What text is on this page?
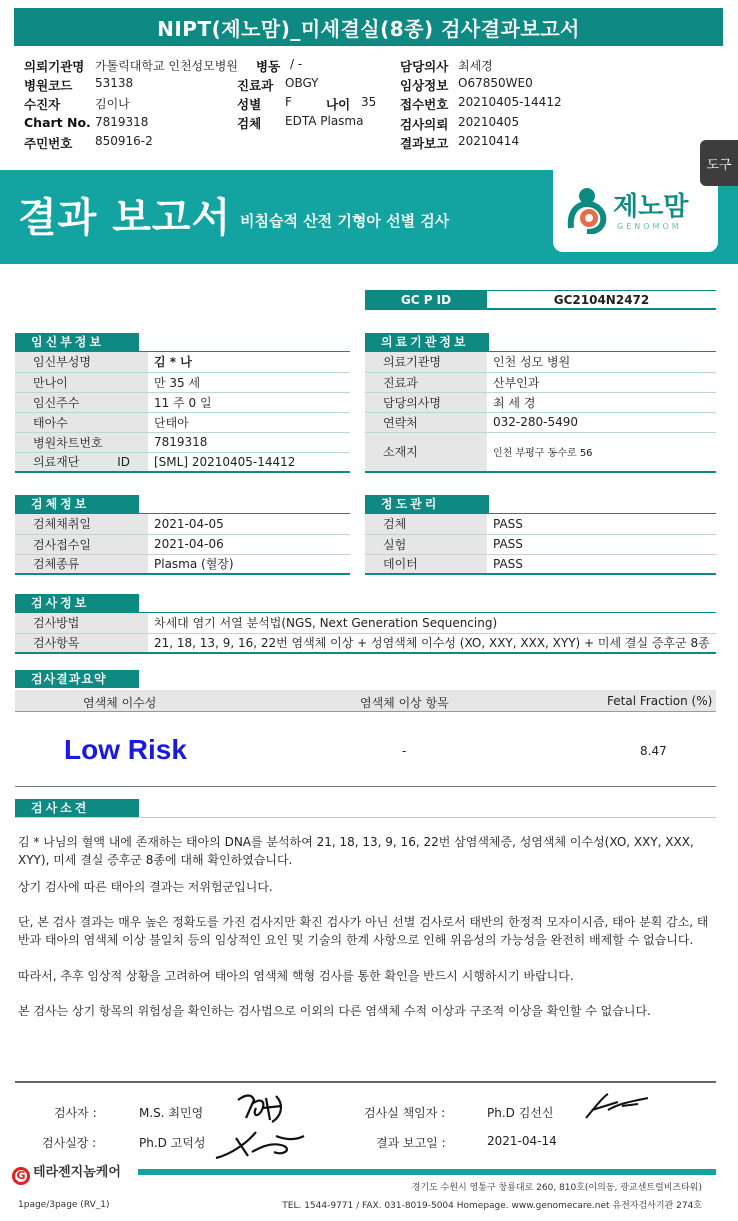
NIPT(제노맘)_미세결실(8종) 검사결과보고서
의뢰기관명 가톨릭대학교 인천성모병원 병동 / -	담당의사 최세경
병원코드 53138	진료과 OBGY	임상정보 O67850WE0
수진자	김이나	성별 F	나이 35 접수번호 20210405-14412
Chart No. 7819318	검체 EDTA Plasma	검사의뢰 20210405
주민번호 850916-2	결과보고 20210414
도구
결과 보고서 비침습적 산전 기형아 선별 검사	제노맘
GENOMOM
GC P ID	GC2104N2472
임신부정보
임신부성명	김 * 나
만나이	만 35 세
임신주수	11 주 0 일
태아수	단태아
병원차트번호	7819318
의료재단 ID	[SML] 20210405-14412
의료기관정보
의료기관명	인천 성모 병원
진료과	산부인과
담당의사명	최 세 경
연락처	032-280-5490
소재지	인천 부평구 동수로 56
검체정보
검체채취일	2021-04-05
검사접수일	2021-04-06
검체종류	Plasma (혈장)
정도관리
검체	PASS
실험	PASS
데이터	PASS
검사정보
검사방법	차세대 염기 서열 분석법(NGS, Next Generation Sequencing)
검사항목	21, 18, 13, 9, 16, 22번 염색체 이상 + 성염색체 이수성 (XO, XXY, XXX, XYY) + 미세 결실 증후군 8종
검사결과요약
염색체 이수성	염색체 이상 항목	Fetal Fraction (%)
Low Risk	-	8.47
검사소견

김 * 나님의 혈액 내에 존재하는 태아의 DNA를 분석하여 21, 18, 13, 9, 16, 22번 삼염색체증, 성염색체 이수성(XO, XXY, XXX, XYY), 미세 결실 증후군 8종에 대해 확인하였습니다.

상기 검사에 따른 태아의 결과는 저위험군입니다.

단, 본 검사 결과는 매우 높은 정확도를 가진 검사지만 확진 검사가 아닌 선별 검사로서 태반의 한정적 모자이시즘, 태아 분획 감소, 태반과 태아의 염색체 이상 불일치 등의 임상적인 요인 및 기술의 한계 사항으로 인해 위음성의 가능성을 완전히 배제할 수 없습니다.

따라서, 추후 임상적 상황을 고려하여 태아의 염색체 핵형 검사를 통한 확인을 반드시 시행하시기 바랍니다.

본 검사는 상기 항목의 위험성을 확인하는 검사법으로 이외의 다른 염색체 수적 이상과 구조적 이상을 확인할 수 없습니다.

검사자 :	M.S. 최민영	검사실 책임자 :	Ph.D 김선신
검사실장 :	Ph.D 고덕성	결과 보고일 :	2021-04-14
G 테라젠지놈케어
경기도 수원시 영통구 창룡대로 260, 810호(이의동, 광교센트럴비즈타워)
TEL. 1544-9771 / FAX. 031-8019-5004 Homepage. www.genomecare.net 유전자검사기관 274호
1page/3page (RV_1)
